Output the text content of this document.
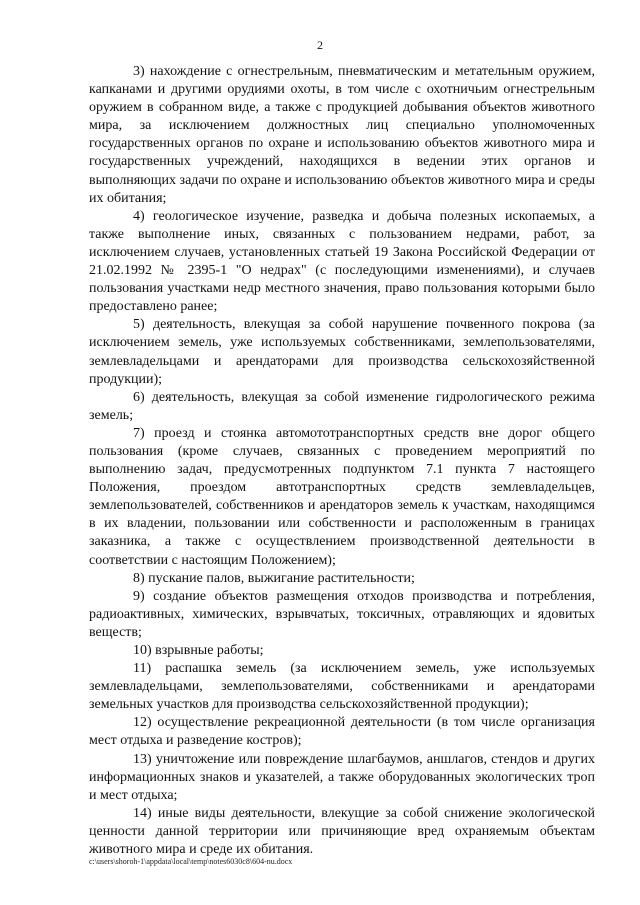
2

3) нахождение с огнестрельным, пневматическим и метательным оружием, капканами и другими орудиями охоты, в том числе с охотничьим огнестрельным оружием в собранном виде, а также с продукцией добывания объектов животного мира, за исключением должностных лиц специально уполномоченных государственных органов по охране и использованию объектов животного мира и государственных учреждений, находящихся в ведении этих органов и выполняющих задачи по охране и использованию объектов животного мира и среды их обитания;

4) геологическое изучение, разведка и добыча полезных ископаемых, а также выполнение иных, связанных с пользованием недрами, работ, за исключением случаев, установленных статьей 19 Закона Российской Федерации от 21.02.1992 № 2395-1 "О недрах" (с последующими изменениями), и случаев пользования участками недр местного значения, право пользования которыми было предоставлено ранее;

5) деятельность, влекущая за собой нарушение почвенного покрова (за исключением земель, уже используемых собственниками, землепользователями, землевладельцами и арендаторами для производства сельскохозяйственной продукции);

6) деятельность, влекущая за собой изменение гидрологического режима земель;

7) проезд и стоянка автомототранспортных средств вне дорог общего пользования (кроме случаев, связанных с проведением мероприятий по выполнению задач, предусмотренных подпунктом 7.1 пункта 7 настоящего Положения, проездом автотранспортных средств землевладельцев, землепользователей, собственников и арендаторов земель к участкам, находящимся в их владении, пользовании или собственности и расположенным в границах заказника, а также с осуществлением производственной деятельности в соответствии с настоящим Положением);

8) пускание палов, выжигание растительности;

9) создание объектов размещения отходов производства и потребления, радиоактивных, химических, взрывчатых, токсичных, отравляющих и ядовитых веществ;

10) взрывные работы;

11) распашка земель (за исключением земель, уже используемых землевладельцами, землепользователями, собственниками и арендаторами земельных участков для производства сельскохозяйственной продукции);

12) осуществление рекреационной деятельности (в том числе организация мест отдыха и разведение костров);

13) уничтожение или повреждение шлагбаумов, аншлагов, стендов и других информационных знаков и указателей, а также оборудованных экологических троп и мест отдыха;

14) иные виды деятельности, влекущие за собой снижение экологической ценности данной территории или причиняющие вред охраняемым объектам животного мира и среде их обитания.

c:\users\shoroh-1\appdata\local\temp\notes6030c8\604-nu.docx
